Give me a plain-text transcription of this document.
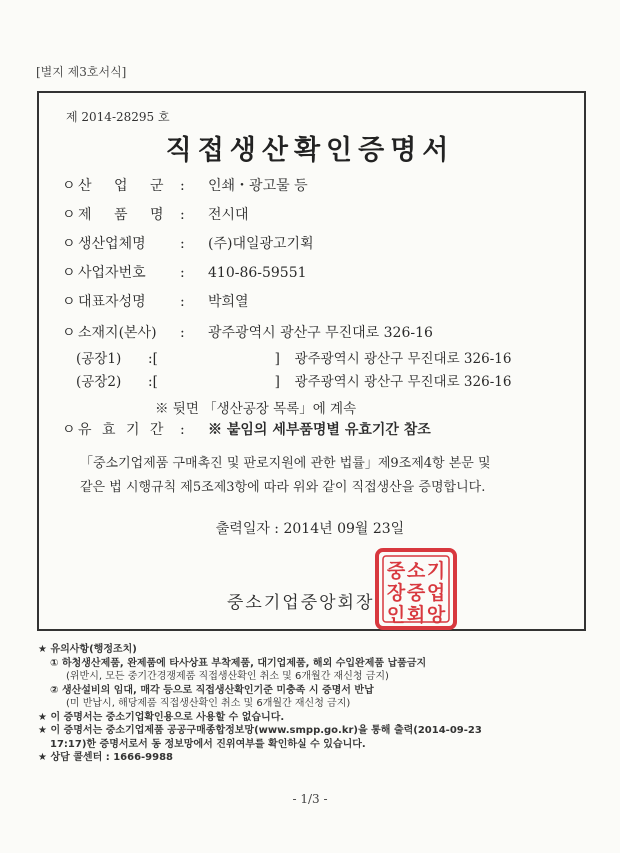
[별지 제3호서식]
제 2014-28295 호
직접생산확인증명서
ㅇ 산 업 군 : 인쇄・광고물 등
ㅇ 제 품 명 : 전시대
ㅇ 생산업체명 : (주)대일광고기획
ㅇ 사업자번호 : 410-86-59551
ㅇ 대표자성명 : 박희열
ㅇ 소재지(본사) : 광주광역시 광산구 무진대로 326-16
(공장1) :[	] 광주광역시 광산구 무진대로 326-16
(공장2) :[	] 광주광역시 광산구 무진대로 326-16
※ 뒷면 「생산공장 목록」에 계속
ㅇ 유 효 기 간 : ※ 붙임의 세부품명별 유효기간 참조
「중소기업제품 구매촉진 및 판로지원에 관한 법률」제9조제4항 본문 및
같은 법 시행규칙 제5조제3항에 따라 위와 같이 직접생산을 증명합니다.
출력일자 : 2014년 09월 23일
중소기업중앙회장
기
업
앙
소
중
회
중
장
인
★ 유의사항(행정조치)
① 하청생산제품, 완제품에 타사상표 부착제품, 대기업제품, 해외 수입완제품 납품금지
(위반시, 모든 중기간경쟁제품 직접생산확인 취소 및 6개월간 재신청 금지)
② 생산설비의 임대, 매각 등으로 직접생산확인기준 미충족 시 증명서 반납
(미 반납시, 해당제품 직접생산확인 취소 및 6개월간 재신청 금지)
★ 이 증명서는 중소기업확인용으로 사용할 수 없습니다.
★ 이 증명서는 중소기업제품 공공구매종합정보망(www.smpp.go.kr)을 통해 출력(2014-09-23
17:17)한 증명서로서 동 정보망에서 진위여부를 확인하실 수 있습니다.
★ 상담 콜센터 : 1666-9988
- 1/3 -
